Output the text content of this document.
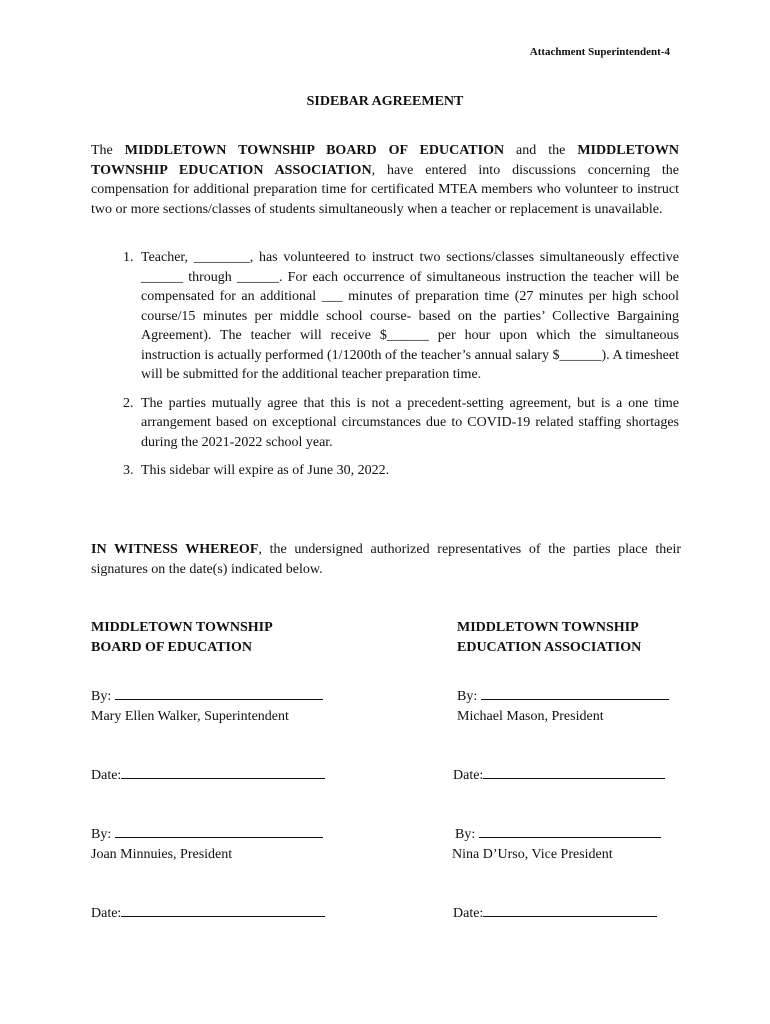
Attachment Superintendent-4
SIDEBAR AGREEMENT
The MIDDLETOWN TOWNSHIP BOARD OF EDUCATION and the MIDDLETOWN TOWNSHIP EDUCATION ASSOCIATION, have entered into discussions concerning the compensation for additional preparation time for certificated MTEA members who volunteer to instruct two or more sections/classes of students simultaneously when a teacher or replacement is unavailable.
1. Teacher, ________, has volunteered to instruct two sections/classes simultaneously effective ______ through ______. For each occurrence of simultaneous instruction the teacher will be compensated for an additional ___ minutes of preparation time (27 minutes per high school course/15 minutes per middle school course- based on the parties’ Collective Bargaining Agreement). The teacher will receive $______ per hour upon which the simultaneous instruction is actually performed (1/1200th of the teacher’s annual salary $______). A timesheet will be submitted for the additional teacher preparation time.
2. The parties mutually agree that this is not a precedent-setting agreement, but is a one time arrangement based on exceptional circumstances due to COVID-19 related staffing shortages during the 2021-2022 school year.
3. This sidebar will expire as of June 30, 2022.
IN WITNESS WHEREOF, the undersigned authorized representatives of the parties place their signatures on the date(s) indicated below.
MIDDLETOWN TOWNSHIP
BOARD OF EDUCATION
By:
Mary Ellen Walker, Superintendent
Date:
By:
Joan Minnuies, President
Date:
MIDDLETOWN TOWNSHIP
EDUCATION ASSOCIATION
By:
Michael Mason, President
Date:
By:
Nina D’Urso, Vice President
Date:
